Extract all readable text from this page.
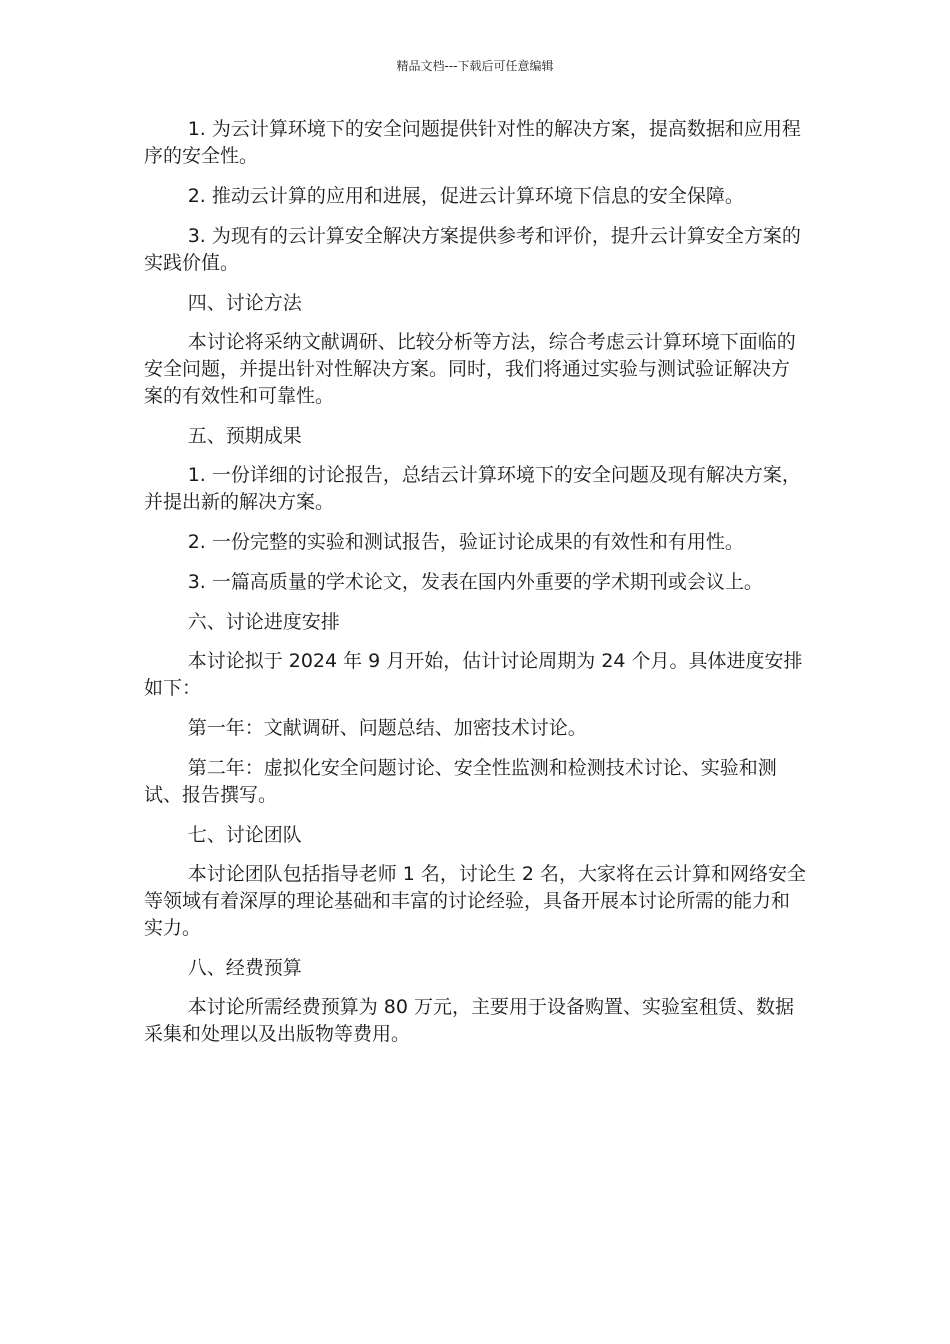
精品文档---下载后可任意编辑

1. 为云计算环境下的安全问题提供针对性的解决方案，提高数据和应用程序的安全性。

2. 推动云计算的应用和进展，促进云计算环境下信息的安全保障。

3. 为现有的云计算安全解决方案提供参考和评价，提升云计算安全方案的实践价值。

四、讨论方法

本讨论将采纳文献调研、比较分析等方法，综合考虑云计算环境下面临的安全问题，并提出针对性解决方案。同时，我们将通过实验与测试验证解决方案的有效性和可靠性。

五、预期成果

1. 一份详细的讨论报告，总结云计算环境下的安全问题及现有解决方案，并提出新的解决方案。

2. 一份完整的实验和测试报告，验证讨论成果的有效性和有用性。

3. 一篇高质量的学术论文，发表在国内外重要的学术期刊或会议上。

六、讨论进度安排

本讨论拟于 2024 年 9 月开始，估计讨论周期为 24 个月。具体进度安排如下：

第一年：文献调研、问题总结、加密技术讨论。

第二年：虚拟化安全问题讨论、安全性监测和检测技术讨论、实验和测试、报告撰写。

七、讨论团队

本讨论团队包括指导老师 1 名，讨论生 2 名，大家将在云计算和网络安全等领域有着深厚的理论基础和丰富的讨论经验，具备开展本讨论所需的能力和实力。

八、经费预算

本讨论所需经费预算为 80 万元，主要用于设备购置、实验室租赁、数据采集和处理以及出版物等费用。
